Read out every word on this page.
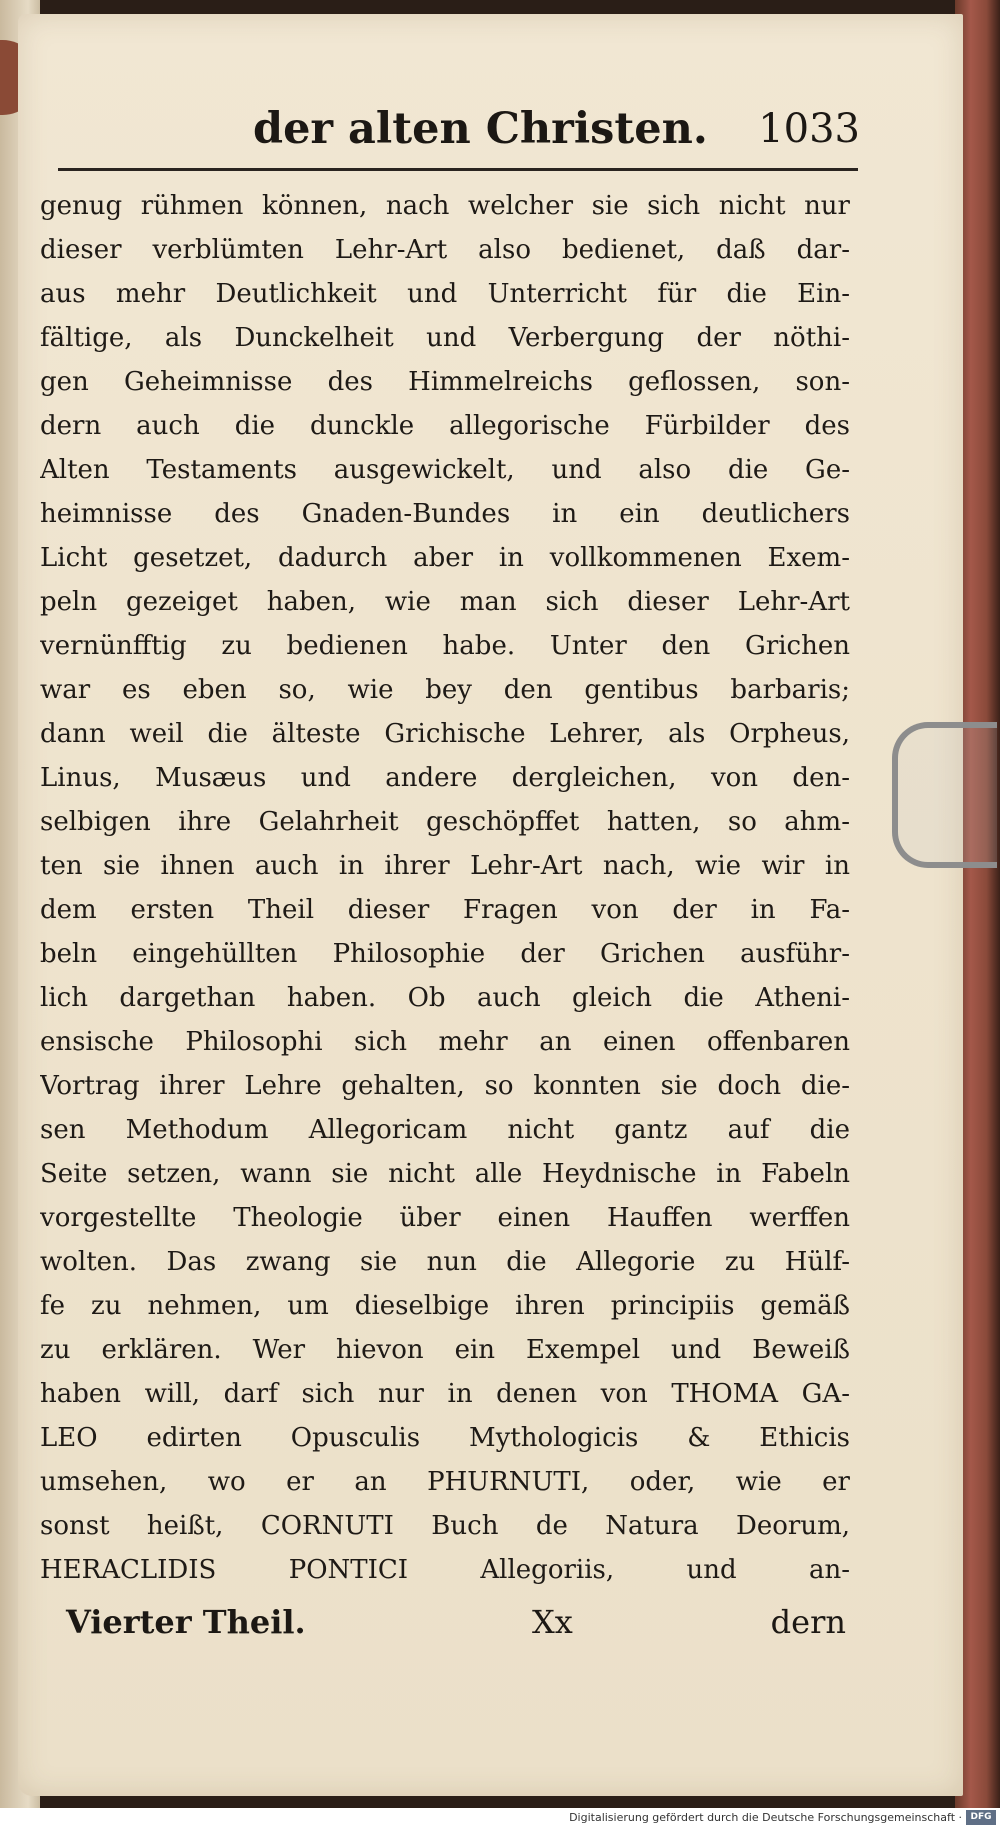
der alten Christen. 1033
genug rühmen können, nach welcher sie sich nicht nur
dieser verblümten Lehr-Art also bedienet, daß dar-
aus mehr Deutlichkeit und Unterricht für die Ein-
fältige, als Dunckelheit und Verbergung der nöthi-
gen Geheimnisse des Himmelreichs geflossen, son-
dern auch die dunckle allegorische Fürbilder des
Alten Testaments ausgewickelt, und also die Ge-
heimnisse des Gnaden-Bundes in ein deutlichers
Licht gesetzet, dadurch aber in vollkommenen Exem-
peln gezeiget haben, wie man sich dieser Lehr-Art
vernünfftig zu bedienen habe. Unter den Grichen
war es eben so, wie bey den gentibus barbaris;
dann weil die älteste Grichische Lehrer, als Orpheus,
Linus, Musæus und andere dergleichen, von den-
selbigen ihre Gelahrheit geschöpffet hatten, so ahm-
ten sie ihnen auch in ihrer Lehr-Art nach, wie wir in
dem ersten Theil dieser Fragen von der in Fa-
beln eingehüllten Philosophie der Grichen ausführ-
lich dargethan haben. Ob auch gleich die Atheni-
ensische Philosophi sich mehr an einen offenbaren
Vortrag ihrer Lehre gehalten, so konnten sie doch die-
sen Methodum Allegoricam nicht gantz auf die
Seite setzen, wann sie nicht alle Heydnische in Fabeln
vorgestellte Theologie über einen Hauffen werffen
wolten. Das zwang sie nun die Allegorie zu Hülf-
fe zu nehmen, um dieselbige ihren principiis gemäß
zu erklären. Wer hievon ein Exempel und Beweiß
haben will, darf sich nur in denen von THOMA GA-
LEO edirten Opusculis Mythologicis & Ethicis
umsehen, wo er an PHURNUTI, oder, wie er
sonst heißt, CORNUTI Buch de Natura Deorum,
HERACLIDIS PONTICI Allegoriis, und an-
Vierter Theil.	Xx	dern
Digitalisierung gefördert durch die Deutsche Forschungsgemeinschaft · DFG
